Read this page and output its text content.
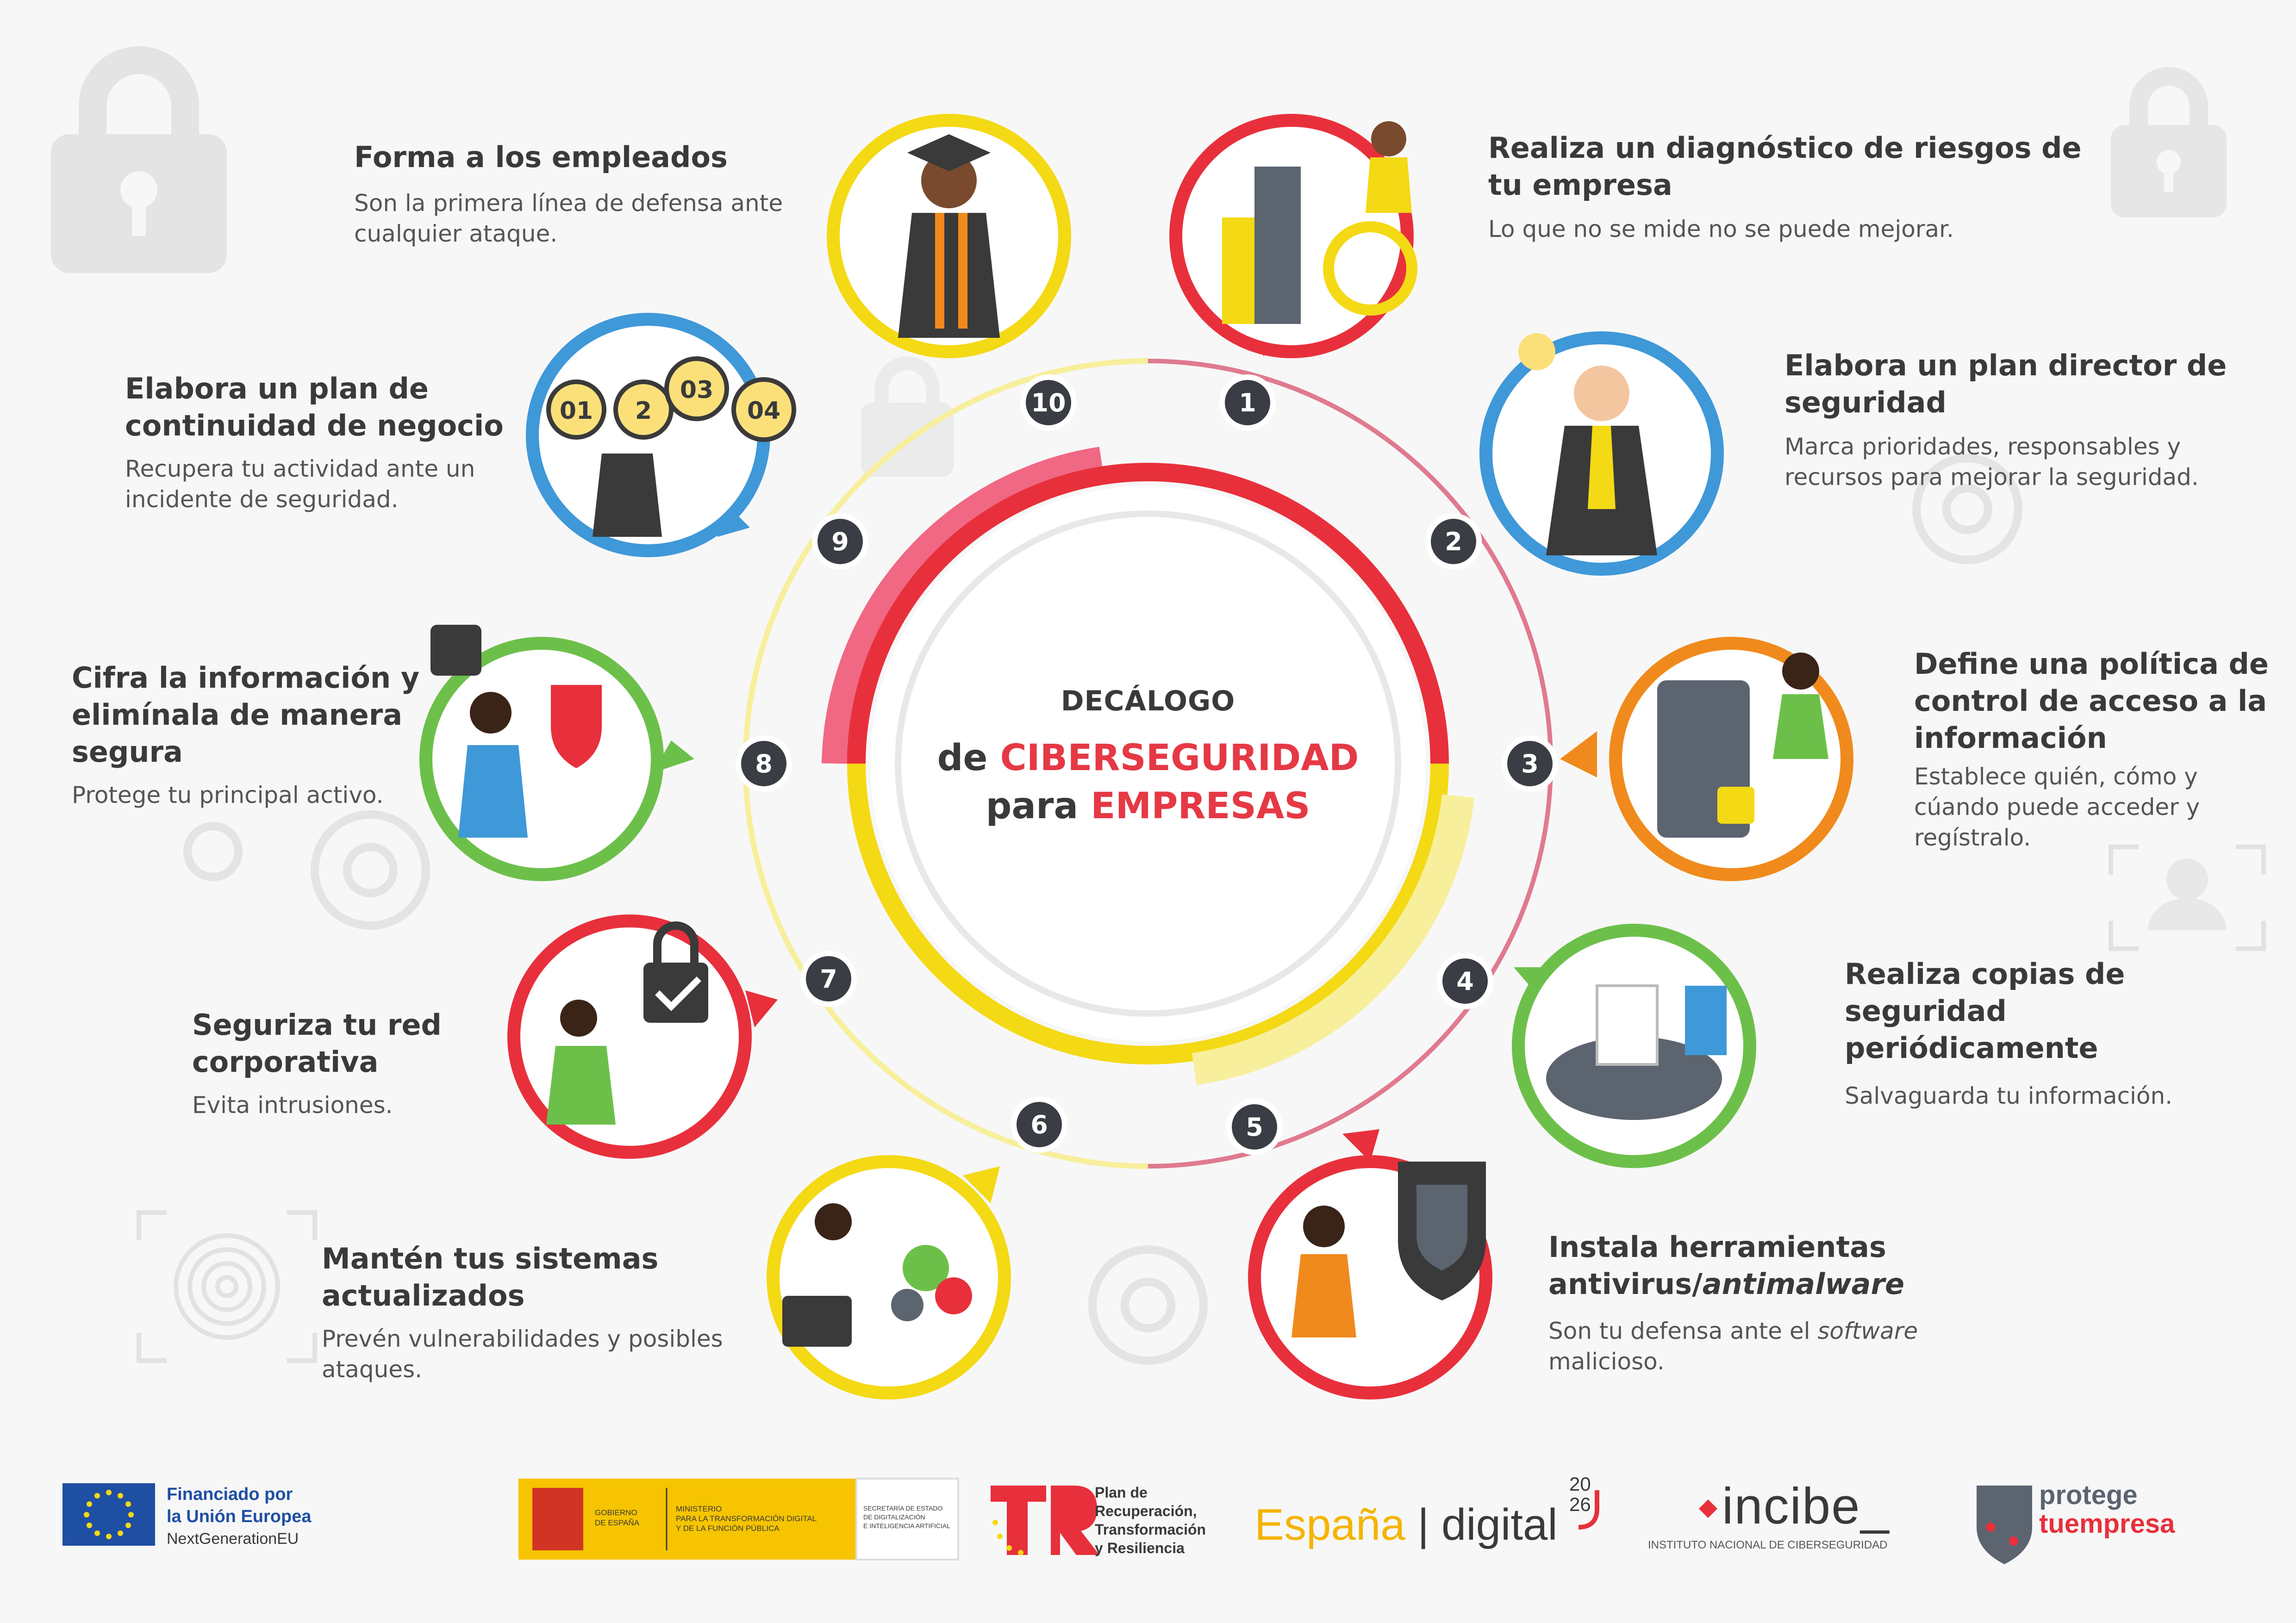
01 2
03
04	1
2
3
4
5
6
7
8
9
10
DECÁLOGO
de CIBERSEGURIDAD
para EMPRESAS
Realiza un diagnóstico de riesgos de tu empresa

Lo que no se mide no se puede mejorar.

Elabora un plan director de seguridad

Marca prioridades, responsables y recursos para mejorar la seguridad.

Define una política de control de acceso a la información

Establece quién, cómo y cúando puede acceder y regístralo.

Realiza copias de seguridad periódicamente

Salvaguarda tu información.

Instala herramientas antivirus/antimalware

Son tu defensa ante el software malicioso.

Mantén tus sistemas actualizados

Prevén vulnerabilidades y posibles ataques.

Seguriza tu red corporativa

Evita intrusiones.

Cifra la información y elimínala de manera segura

Protege tu principal activo.

Elabora un plan de continuidad de negocio

Recupera tu actividad ante un incidente de seguridad.

Forma a los empleados

Son la primera línea de defensa ante cualquier ataque.

Financiado por
la Unión Europea
NextGenerationEU
GOBIERNO
DE ESPAÑA
MINISTERIO
PARA LA TRANSFORMACIÓN DIGITAL
Y DE LA FUNCIÓN PÚBLICA
SECRETARÍA DE ESTADO
DE DIGITALIZACIÓN
E INTELIGENCIA ARTIFICIAL
Plan de
Recuperación,
Transformación
y Resiliencia	España | digital
20
26	incibe_
INSTITUTO NACIONAL DE CIBERSEGURIDAD
protege
tuempresa
